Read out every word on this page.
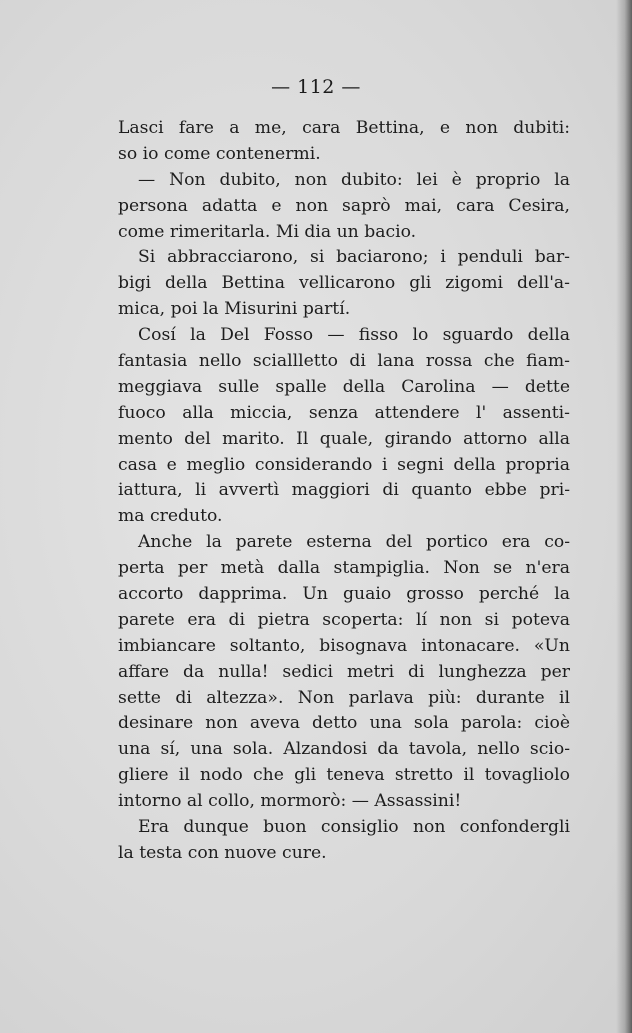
— 112 —
Lasci fare a me, cara Bettina, e non dubiti:
so io come contenermi.
— Non dubito, non dubito: lei è proprio la
persona adatta e non saprò mai, cara Cesira,
come rimeritarla. Mi dia un bacio.
Si abbracciarono, si baciarono; i penduli bar-
bigi della Bettina vellicarono gli zigomi dell'a-
mica, poi la Misurini partí.
Cosí la Del Fosso — fisso lo sguardo della
fantasia nello sciallletto di lana rossa che fiam-
meggiava sulle spalle della Carolina — dette
fuoco alla miccia, senza attendere l' assenti-
mento del marito. Il quale, girando attorno alla
casa e meglio considerando i segni della propria
iattura, li avvertì maggiori di quanto ebbe pri-
ma creduto.
Anche la parete esterna del portico era co-
perta per metà dalla stampiglia. Non se n'era
accorto dapprima. Un guaio grosso perché la
parete era di pietra scoperta: lí non si poteva
imbiancare soltanto, bisognava intonacare. «Un
affare da nulla! sedici metri di lunghezza per
sette di altezza». Non parlava più: durante il
desinare non aveva detto una sola parola: cioè
una sí, una sola. Alzandosi da tavola, nello scio-
gliere il nodo che gli teneva stretto il tovagliolo
intorno al collo, mormorò: — Assassini!
Era dunque buon consiglio non confondergli
la testa con nuove cure.
